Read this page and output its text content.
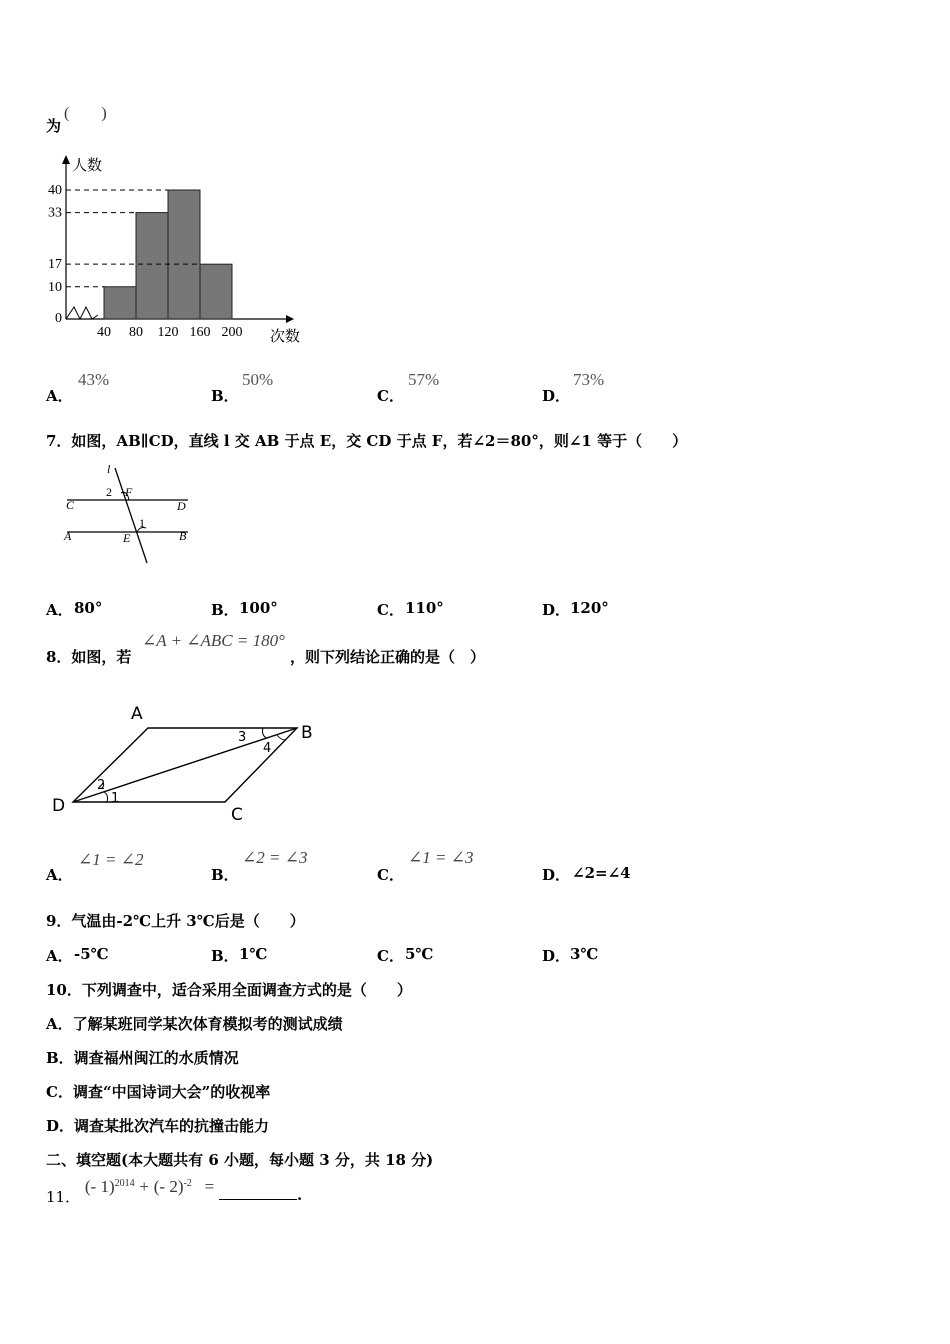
为
(　　)
0
10
17
33
40
40 80 120 160 200
人数
次数
A．
43%
B．
50%
C．
57%
D．
73%
7．如图，AB∥CD，直线 l 交 AB 于点 E，交 CD 于点 F，若∠2＝80°，则∠1 等于（　　）
l
2 F
C	D
1
A	E	B
A． 80°	B． 100°	C． 110°	D． 120°
8．如图，若
∠A + ∠ABC = 180°
，则下列结论正确的是（　）
A
B
C
D	1
2
3
4
A．
∠1 = ∠2
B．
∠2 = ∠3
C．
∠1 = ∠3
D． ∠2=∠4
9．气温由-2℃上升 3℃后是（　　）
A． -5℃	B． 1℃	C． 5℃	D． 3℃
10．下列调查中，适合采用全面调查方式的是（　　）
A．了解某班同学某次体育模拟考的测试成绩
B．调查福州闽江的水质情况
C．调查“中国诗词大会”的收视率
D．调查某批次汽车的抗撞击能力
二、填空题(本大题共有 6 小题，每小题 3 分，共 18 分)
11． (- 1)$^{2014}$ + (- 2)$^{-2}$ =	.
